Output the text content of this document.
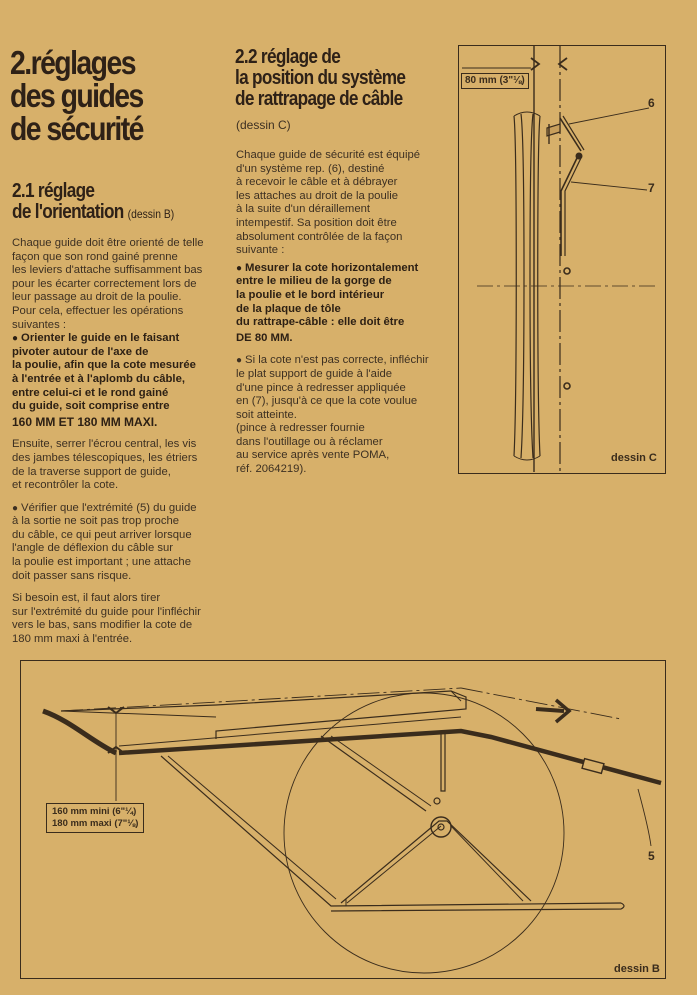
2.réglages
des guides
de sécurité
2.1 réglage
de l'orientation (dessin B)

Chaque guide doit être orienté de telle
façon que son rond gainé prenne
les leviers d'attache suffisamment bas
pour les écarter correctement lors de
leur passage au droit de la poulie.
Pour cela, effectuer les opérations
suivantes :

● Orienter le guide en le faisant
pivoter autour de l'axe de
la poulie, afin que la cote mesurée
à l'entrée et à l'aplomb du câble,
entre celui-ci et le rond gainé
du guide, soit comprise entre
160 MM ET 180 MM MAXI.

Ensuite, serrer l'écrou central, les vis
des jambes télescopiques, les étriers
de la traverse support de guide,
et recontrôler la cote.

● Vérifier que l'extrémité (5) du guide
à la sortie ne soit pas trop proche
du câble, ce qui peut arriver lorsque
l'angle de déflexion du câble sur
la poulie est important ; une attache
doit passer sans risque.

Si besoin est, il faut alors tirer
sur l'extrémité du guide pour l'infléchir
vers le bas, sans modifier la cote de
180 mm maxi à l'entrée.

2.2 réglage de
la position du système
de rattrapage de câble
(dessin C)

Chaque guide de sécurité est équipé
d'un système rep. (6), destiné
à recevoir le câble et à débrayer
les attaches au droit de la poulie
à la suite d'un déraillement
intempestif. Sa position doit être
absolument contrôlée de la façon
suivante :

● Mesurer la cote horizontalement
entre le milieu de la gorge de
la poulie et le bord intérieur
de la plaque de tôle
du rattrape-câble : elle doit être
DE 80 MM.

● Si la cote n'est pas correcte, infléchir
le plat support de guide à l'aide
d'une pince à redresser appliquée
en (7), jusqu'à ce que la cote voulue
soit atteinte.
(pince à redresser fournie
dans l'outillage ou à réclamer
au service après vente POMA,
réf. 2064219).

80 mm (3"⅛)
6
7
dessin C
160 mm mini (6"¼)
180 mm maxi (7"⅛)
5
dessin B
